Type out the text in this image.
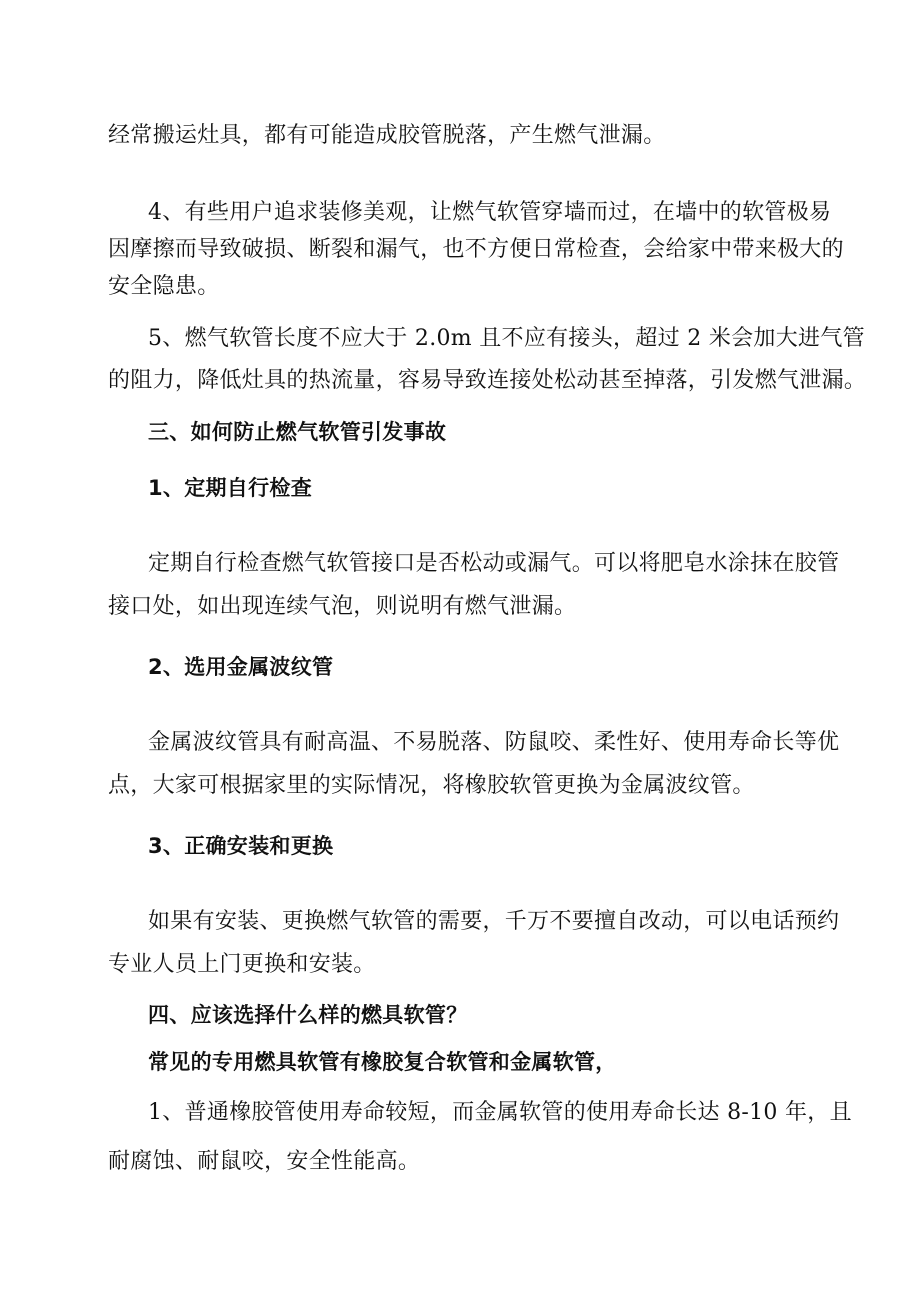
经常搬运灶具，都有可能造成胶管脱落，产生燃气泄漏。
4、有些用户追求装修美观，让燃气软管穿墙而过，在墙中的软管极易
因摩擦而导致破损、断裂和漏气，也不方便日常检查，会给家中带来极大的
安全隐患。
5、燃气软管长度不应大于 2.0m 且不应有接头，超过 2 米会加大进气管
的阻力，降低灶具的热流量，容易导致连接处松动甚至掉落，引发燃气泄漏。
三、如何防止燃气软管引发事故
1、定期自行检查
定期自行检查燃气软管接口是否松动或漏气。可以将肥皂水涂抹在胶管
接口处，如出现连续气泡，则说明有燃气泄漏。
2、选用金属波纹管
金属波纹管具有耐高温、不易脱落、防鼠咬、柔性好、使用寿命长等优
点，大家可根据家里的实际情况，将橡胶软管更换为金属波纹管。
3、正确安装和更换
如果有安装、更换燃气软管的需要，千万不要擅自改动，可以电话预约
专业人员上门更换和安装。
四、应该选择什么样的燃具软管？
常见的专用燃具软管有橡胶复合软管和金属软管，
1、普通橡胶管使用寿命较短，而金属软管的使用寿命长达 8-10 年，且
耐腐蚀、耐鼠咬，安全性能高。
